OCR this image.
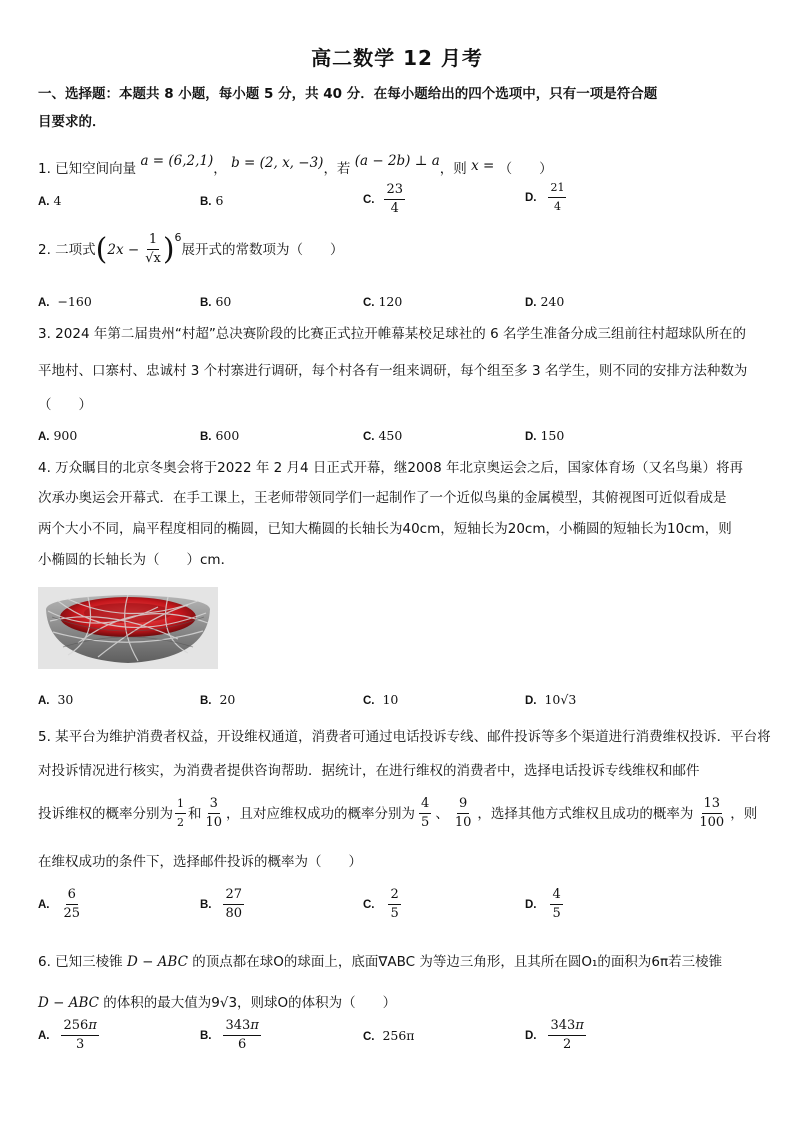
高二数学 12 月考
一、选择题：本题共 8 小题，每小题 5 分，共 40 分．在每小题给出的四个选项中，只有一项是符合题
目要求的．
1. 已知空间向量 a = (6,2,1)， b = (2, x, −3)，若 (a − 2b) ⊥ a，则 x = （　　）
A. 4	B. 6	C. $\frac{23}{4}$	D. $\frac{21}{4}$
2. 二项式 ( $2x - \frac{1}{√x}$ ) 6
展开式的常数项为（　　）
A. −160	B. 60	C. 120	D. 240
3. 2024 年第二届贵州“村超”总决赛阶段的比赛正式拉开帷幕某校足球社的 6 名学生准备分成三组前往村超球队所在的
平地村、口寨村、忠诚村 3 个村寨进行调研，每个村各有一组来调研，每个组至多 3 名学生，则不同的安排方法种数为
（　　）
A. 900	B. 600	C. 450	D. 150
4. 万众瞩目的北京冬奥会将于2022 年 2 月4 日正式开幕，继2008 年北京奥运会之后，国家体育场（又名鸟巢）将再
次承办奥运会开幕式．在手工课上，王老师带领同学们一起制作了一个近似鸟巢的金属模型，其俯视图可近似看成是
两个大小不同，扁平程度相同的椭圆，已知大椭圆的长轴长为40cm，短轴长为20cm，小椭圆的短轴长为10cm，则
小椭圆的长轴长为（　　）cm．
A. 30	B. 20	C. 10	D. 10√3
5. 某平台为维护消费者权益，开设维权通道，消费者可通过电话投诉专线、邮件投诉等多个渠道进行消费维权投诉．平台将
对投诉情况进行核实，为消费者提供咨询帮助．据统计，在进行维权的消费者中，选择电话投诉专线维权和邮件
投诉维权的概率分别为 $\frac{1}{2}$ 和 $\frac{3}{10}$ ，且对应维权成功的概率分别为 $\frac{4}{5}$ 、 $\frac{9}{10}$ ，选择其他方式维权且成功的概率为 $\frac{13}{100}$ ，则
在维权成功的条件下，选择邮件投诉的概率为（　　）
A. $\frac{6}{25}$	B. $\frac{27}{80}$	C. $\frac{2}{5}$	D. $\frac{4}{5}$
6. 已知三棱锥 D − ABC 的顶点都在球O的球面上，底面∇ABC 为等边三角形，且其所在圆O₁的面积为6π若三棱锥
D − ABC 的体积的最大值为9√3，则球O的体积为（　　）
A. $\frac{256\pi}{3}$	B. $\frac{343\pi}{6}$	C. 256π	D. $\frac{343\pi}{2}$
